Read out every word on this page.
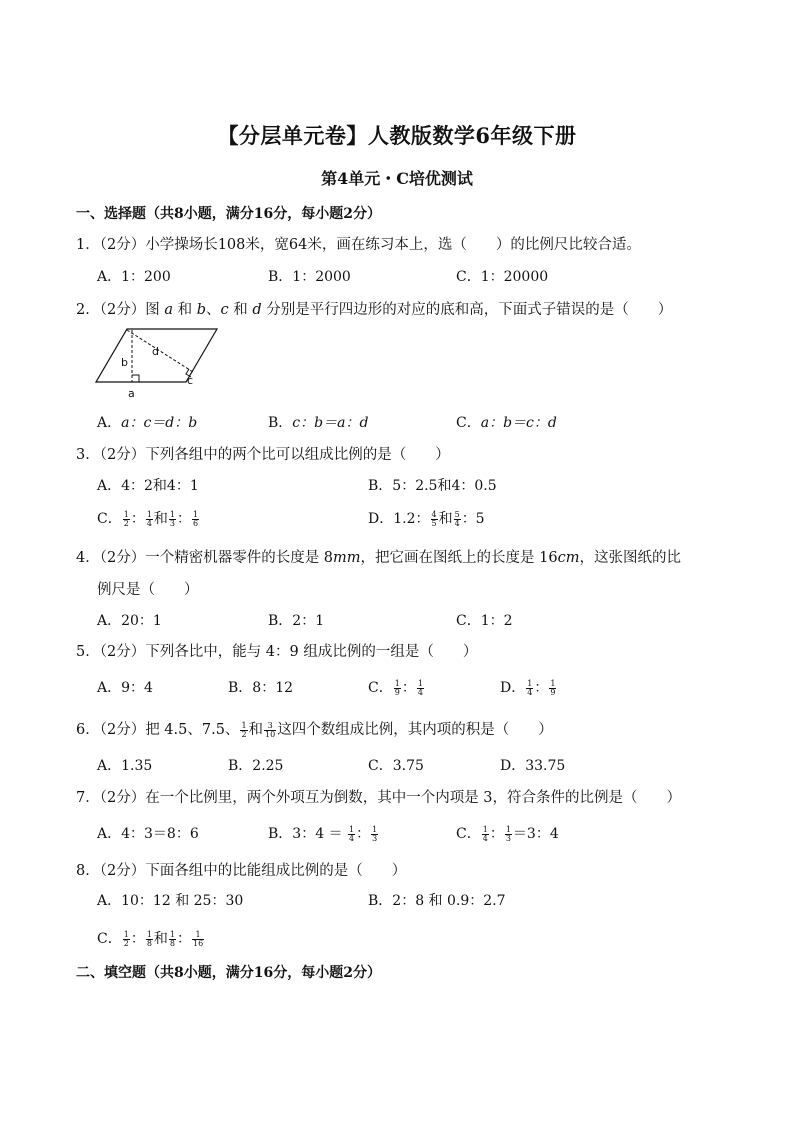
【分层单元卷】人教版数学6年级下册
第4单元・C培优测试
一、选择题（共8小题，满分16分，每小题2分）
1．（2分）小学操场长108米，宽64米，画在练习本上，选（　　）的比例尺比较合适。
A．1：200	B．1：2000	C．1：20000
2．（2分）图 a 和 b、c 和 d 分别是平行四边形的对应的底和高，下面式子错误的是（　　）
b
d
c
a
A．a：c＝d：b	B．c：b＝a：d	C．a：b＝c：d
3．（2分）下列各组中的两个比可以组成比例的是（　　）
A．4：2和4：1	B．5：2.5和4：0.5
C． $\frac{1}{2}$ ： $\frac{1}{4}$ 和 $\frac{1}{3}$ ： $\frac{1}{6}$	D．1.2： $\frac{4}{5}$ 和 $\frac{5}{4}$ ：5
4．（2分）一个精密机器零件的长度是 8mm，把它画在图纸上的长度是 16cm，这张图纸的比
例尺是（　　）
A．20：1	B．2：1	C．1：2
5．（2分）下列各比中，能与 4：9 组成比例的一组是（　　）
A．9：4	B．8：12	C． $\frac{1}{9}$ ： $\frac{1}{4}$	D． $\frac{1}{4}$ ： $\frac{1}{9}$
6．（2分）把 4.5、7.5、 $\frac{1}{2}$ 和 $\frac{3}{10}$ 这四个数组成比例，其内项的积是（　　）
A．1.35	B．2.25	C．3.75	D．33.75
7．（2分）在一个比例里，两个外项互为倒数，其中一个内项是 3，符合条件的比例是（　　）
A．4：3＝8：6	B．3：$4 = \frac{1}{4}$ ： $\frac{1}{3}$	C． $\frac{1}{4}$ ： $\frac{1}{3} =3$：4
8．（2分）下面各组中的比能组成比例的是（　　）
A．10：12 和 25：30	B．2：8 和 0.9：2.7
C． $\frac{1}{2}$ ： $\frac{1}{8}$ 和 $\frac{1}{8}$ ： $\frac{1}{16}$
二、填空题（共8小题，满分16分，每小题2分）
